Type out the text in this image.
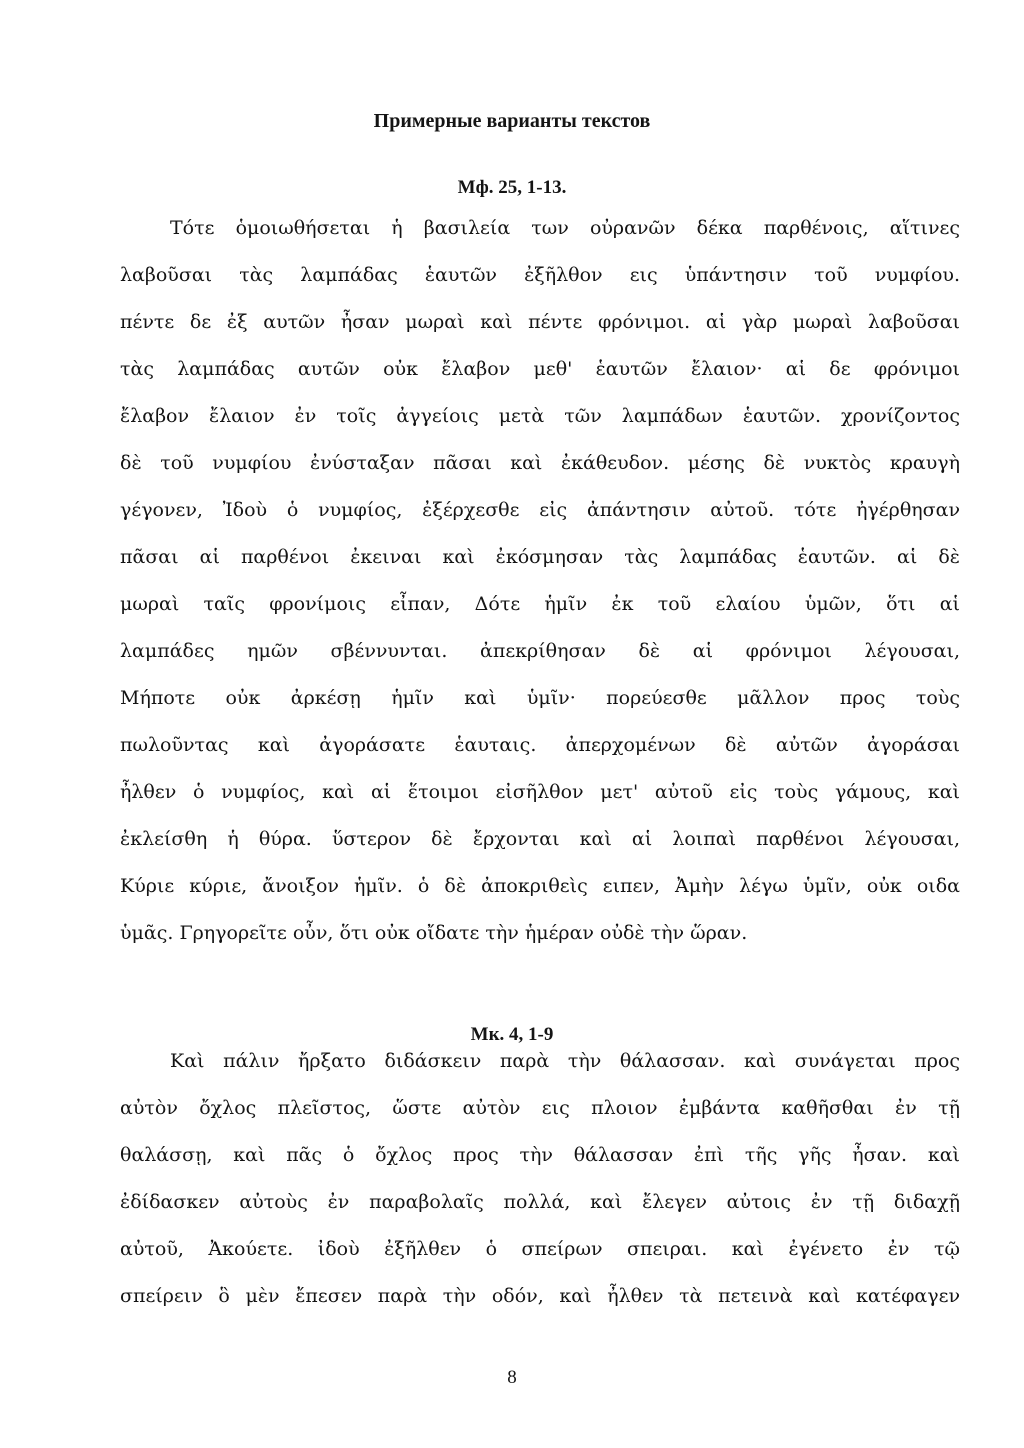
Примерные варианты текстов
Мф. 25, 1-13.
Τότε ὁμοιωθήσεται ἡ βασιλεία των οὐρανῶν δέκα παρθένοις, αἵτινες
λαβοῦσαι τὰς λαμπάδας ἑαυτῶν ἐξῆλθον εις ὑπάντησιν τοῦ νυμφίου.
πέντε δε ἐξ αυτῶν ἦσαν μωραὶ καὶ πέντε φρόνιμοι. αἱ γὰρ μωραὶ λαβοῦσαι
τὰς λαμπάδας αυτῶν οὐκ ἔλαβον μεθ' ἑαυτῶν ἔλαιον· αἱ δε φρόνιμοι
ἔλαβον ἔλαιον ἐν τοῖς ἀγγείοις μετὰ τῶν λαμπάδων ἑαυτῶν. χρονίζοντος
δὲ τοῦ νυμφίου ἐνύσταξαν πᾶσαι καὶ ἐκάθευδον. μέσης δὲ νυκτὸς κραυγὴ
γέγονεν, Ἰδοὺ ὁ νυμφίος, ἐξέρχεσθε εἰς ἀπάντησιν αὐτοῦ. τότε ἠγέρθησαν
πᾶσαι αἱ παρθένοι ἐκειναι καὶ ἐκόσμησαν τὰς λαμπάδας ἑαυτῶν. αἱ δὲ
μωραὶ ταῖς φρονίμοις εἶπαν, Δότε ἡμῖν ἐκ τοῦ ελαίου ὑμῶν, ὅτι αἱ
λαμπάδες ημῶν σβέννυνται. ἀπεκρίθησαν δὲ αἱ φρόνιμοι λέγουσαι,
Μήποτε οὐκ ἀρκέσῃ ἡμῖν καὶ ὑμῖν· πορεύεσθε μᾶλλον προς τοὺς
πωλοῦντας καὶ ἀγοράσατε ἑαυταις. ἀπερχομένων δὲ αὐτῶν ἀγοράσαι
ἦλθεν ὁ νυμφίος, καὶ αἱ ἕτοιμοι εἰσῆλθον μετ' αὐτοῦ εἰς τοὺς γάμους, καὶ
ἐκλείσθη ἡ θύρα. ὕστερον δὲ ἔρχονται καὶ αἱ λοιπαὶ παρθένοι λέγουσαι,
Κύριε κύριε, ἄνοιξον ἡμῖν. ὁ δὲ ἀποκριθεὶς ειπεν, Ἀμὴν λέγω ὑμῖν, οὐκ οιδα
ὑμᾶς. Γρηγορεῖτε οὖν, ὅτι οὐκ οἴδατε τὴν ἡμέραν οὐδὲ τὴν ὥραν.
Мк. 4, 1-9
Καὶ πάλιν ἤρξατο διδάσκειν παρὰ τὴν θάλασσαν. καὶ συνάγεται προς
αὐτὸν ὄχλος πλεῖστος, ὥστε αὐτὸν εις πλοιον ἐμβάντα καθῆσθαι ἐν τῇ
θαλάσσῃ, καὶ πᾶς ὁ ὄχλος προς τὴν θάλασσαν ἐπὶ τῆς γῆς ἦσαν. καὶ
ἐδίδασκεν αὐτοὺς ἐν παραβολαῖς πολλά, καὶ ἔλεγεν αὐτοις ἐν τῇ διδαχῇ
αὐτοῦ, Ἀκούετε. ἰδοὺ ἐξῆλθεν ὁ σπείρων σπειραι. καὶ ἐγένετο ἐν τῷ
σπείρειν ὃ μὲν ἔπεσεν παρὰ τὴν οδόν, καὶ ἦλθεν τὰ πετεινὰ καὶ κατέφαγεν
8
